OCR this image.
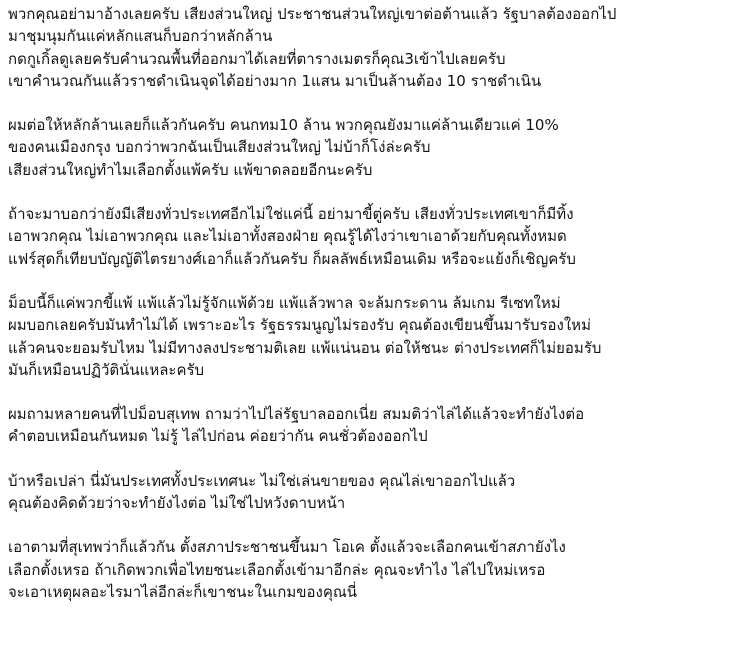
พวกคุณอย่ามาอ้างเลยครับ เสียงส่วนใหญ่ ประชาชนส่วนใหญ่เขาต่อต้านแล้ว รัฐบาลต้องออกไป
มาชุมนุมกันแค่หลักแสนก็บอกว่าหลักล้าน
กดกูเกิ้ลดูเลยครับคำนวณพื้นที่ออกมาได้เลยที่ตารางเมตรก็คุณ3เข้าไปเลยครับ
เขาคำนวณกันแล้วราชดำเนินจุดได้อย่างมาก 1แสน มาเป็นล้านต้อง 10 ราชดำเนิน
ผมต่อให้หลักล้านเลยก็แล้วกันครับ คนกทม10 ล้าน พวกคุณยังมาแค่ล้านเดียวแค่ 10%
ของคนเมืองกรุง บอกว่าพวกฉันเป็นเสียงส่วนใหญ่ ไม่บ้าก็โง่ล่ะครับ
เสียงส่วนใหญ่ทำไมเลือกตั้งแพ้ครับ แพ้ขาดลอยอีกนะครับ
ถ้าจะมาบอกว่ายังมีเสียงทั่วประเทศอีกไม่ใช่แค่นี้ อย่ามาขี้ตู่ครับ เสียงทั่วประเทศเขาก็มีทิ้ง
เอาพวกคุณ ไม่เอาพวกคุณ และไม่เอาทั้งสองฝ่าย คุณรู้ได้ไงว่าเขาเอาด้วยกับคุณทั้งหมด
แฟร์สุดก็เทียบบัญญัติไตรยางศ์เอาก็แล้วกันครับ ก็ผลลัพธ์เหมือนเดิม หรือจะแย้งก็เชิญครับ
ม็อบนี้ก็แค่พวกขี้แพ้ แพ้แล้วไม่รู้จักแพ้ด้วย แพ้แล้วพาล จะล้มกระดาน ล้มเกม รีเซทใหม่
ผมบอกเลยครับมันทำไม่ได้ เพราะอะไร รัฐธรรมนูญไม่รองรับ คุณต้องเขียนขึ้นมารับรองใหม่
แล้วคนจะยอมรับไหม ไม่มีทางลงประชามติเลย แพ้แน่นอน ต่อให้ชนะ ต่างประเทศก็ไม่ยอมรับ
มันก็เหมือนปฏิวัตินั่นแหละครับ
ผมถามหลายคนที่ไปม็อบสุเทพ ถามว่าไปไล่รัฐบาลออกเนี่ย สมมติว่าไล่ได้แล้วจะทำยังไงต่อ
คำตอบเหมือนกันหมด ไม่รู้ ไล่ไปก่อน ค่อยว่ากัน คนชั่วต้องออกไป
บ้าหรือเปล่า นี่มันประเทศทั้งประเทศนะ ไม่ใช่เล่นขายของ คุณไล่เขาออกไปแล้ว
คุณต้องคิดด้วยว่าจะทำยังไงต่อ ไม่ใช่ไปหวังดาบหน้า
เอาตามที่สุเทพว่าก็แล้วกัน ตั้งสภาประชาชนขึ้นมา โอเค ตั้งแล้วจะเลือกคนเข้าสภายังไง
เลือกตั้งเหรอ ถ้าเกิดพวกเพื่อไทยชนะเลือกตั้งเข้ามาอีกล่ะ คุณจะทำไง ไล่ไปใหม่เหรอ
จะเอาเหตุผลอะไรมาไล่อีกล่ะก็เขาชนะในเกมของคุณนี่
